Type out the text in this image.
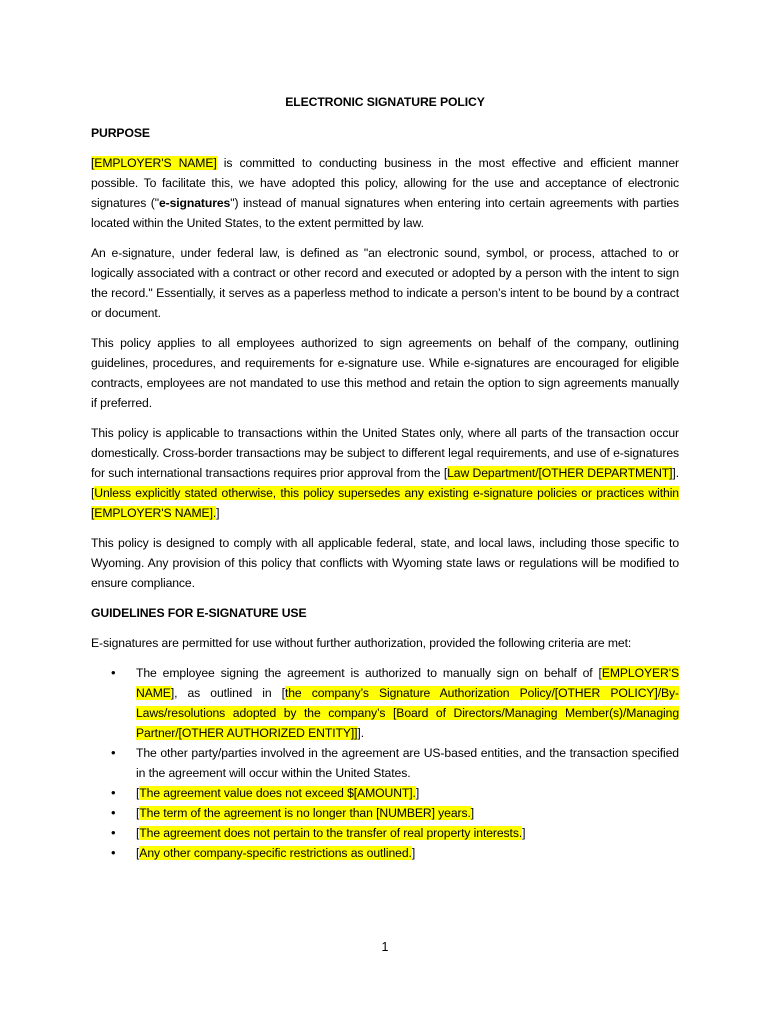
ELECTRONIC SIGNATURE POLICY
PURPOSE

[EMPLOYER'S NAME] is committed to conducting business in the most effective and efficient manner possible. To facilitate this, we have adopted this policy, allowing for the use and acceptance of electronic signatures ("e-signatures") instead of manual signatures when entering into certain agreements with parties located within the United States, to the extent permitted by law.

An e-signature, under federal law, is defined as "an electronic sound, symbol, or process, attached to or logically associated with a contract or other record and executed or adopted by a person with the intent to sign the record." Essentially, it serves as a paperless method to indicate a person’s intent to be bound by a contract or document.

This policy applies to all employees authorized to sign agreements on behalf of the company, outlining guidelines, procedures, and requirements for e-signature use. While e-signatures are encouraged for eligible contracts, employees are not mandated to use this method and retain the option to sign agreements manually if preferred.

This policy is applicable to transactions within the United States only, where all parts of the transaction occur domestically. Cross-border transactions may be subject to different legal requirements, and use of e-signatures for such international transactions requires prior approval from the [Law Department/[OTHER DEPARTMENT]]. [Unless explicitly stated otherwise, this policy supersedes any existing e-signature policies or practices within [EMPLOYER'S NAME].]

This policy is designed to comply with all applicable federal, state, and local laws, including those specific to Wyoming. Any provision of this policy that conflicts with Wyoming state laws or regulations will be modified to ensure compliance.

GUIDELINES FOR E-SIGNATURE USE

E-signatures are permitted for use without further authorization, provided the following criteria are met:

• The employee signing the agreement is authorized to manually sign on behalf of [EMPLOYER'S NAME], as outlined in [the company’s Signature Authorization Policy/[OTHER POLICY]/By-Laws/resolutions adopted by the company’s [Board of Directors/Managing Member(s)/Managing Partner/[OTHER AUTHORIZED ENTITY]]].
• The other party/parties involved in the agreement are US-based entities, and the transaction specified in the agreement will occur within the United States.
• [The agreement value does not exceed $[AMOUNT].]
• [The term of the agreement is no longer than [NUMBER] years.]
• [The agreement does not pertain to the transfer of real property interests.]
• [Any other company-specific restrictions as outlined.]
1
